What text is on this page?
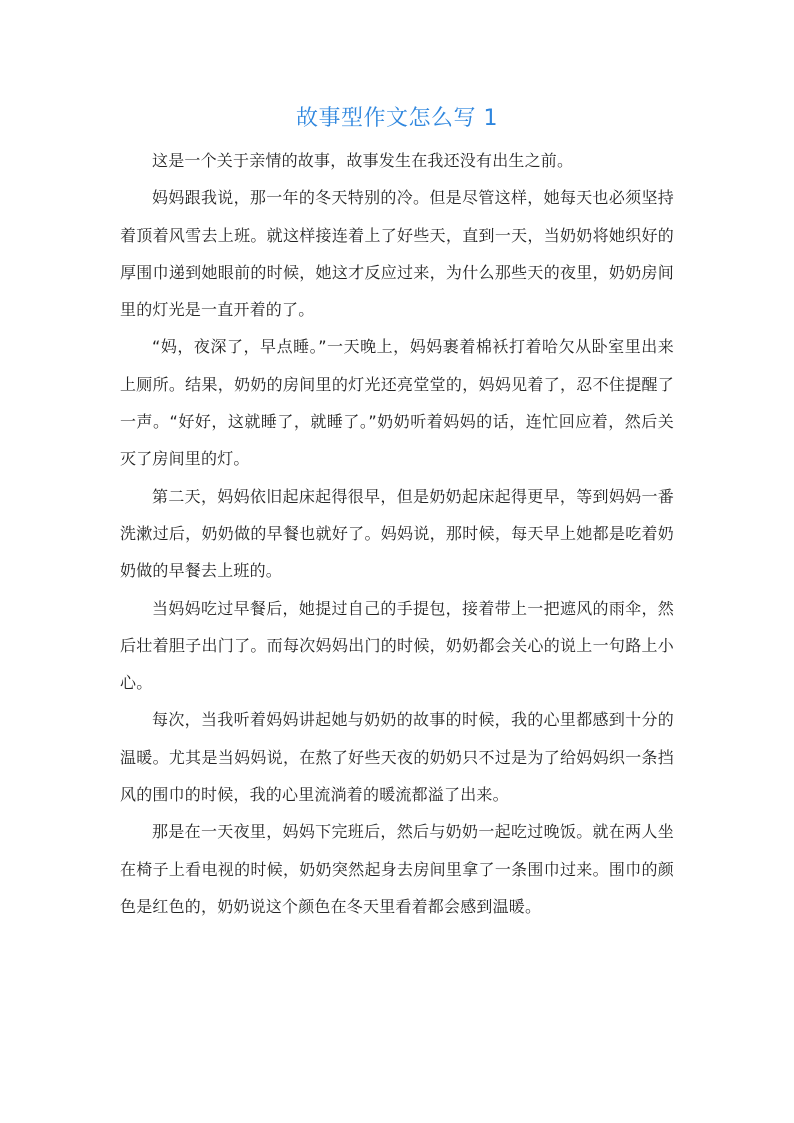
故事型作文怎么写 1

这是一个关于亲情的故事，故事发生在我还没有出生之前。

妈妈跟我说，那一年的冬天特别的冷。但是尽管这样，她每天也必须坚持着顶着风雪去上班。就这样接连着上了好些天，直到一天，当奶奶将她织好的厚围巾递到她眼前的时候，她这才反应过来，为什么那些天的夜里，奶奶房间里的灯光是一直开着的了。

“妈，夜深了，早点睡。”一天晚上，妈妈裹着棉袄打着哈欠从卧室里出来上厕所。结果，奶奶的房间里的灯光还亮堂堂的，妈妈见着了，忍不住提醒了一声。“好好，这就睡了，就睡了。”奶奶听着妈妈的话，连忙回应着，然后关灭了房间里的灯。

第二天，妈妈依旧起床起得很早，但是奶奶起床起得更早，等到妈妈一番洗漱过后，奶奶做的早餐也就好了。妈妈说，那时候，每天早上她都是吃着奶奶做的早餐去上班的。

当妈妈吃过早餐后，她提过自己的手提包，接着带上一把遮风的雨伞，然后壮着胆子出门了。而每次妈妈出门的时候，奶奶都会关心的说上一句路上小心。

每次，当我听着妈妈讲起她与奶奶的故事的时候，我的心里都感到十分的温暖。尤其是当妈妈说，在熬了好些天夜的奶奶只不过是为了给妈妈织一条挡风的围巾的时候，我的心里流淌着的暖流都溢了出来。

那是在一天夜里，妈妈下完班后，然后与奶奶一起吃过晚饭。就在两人坐在椅子上看电视的时候，奶奶突然起身去房间里拿了一条围巾过来。围巾的颜色是红色的，奶奶说这个颜色在冬天里看着都会感到温暖。
